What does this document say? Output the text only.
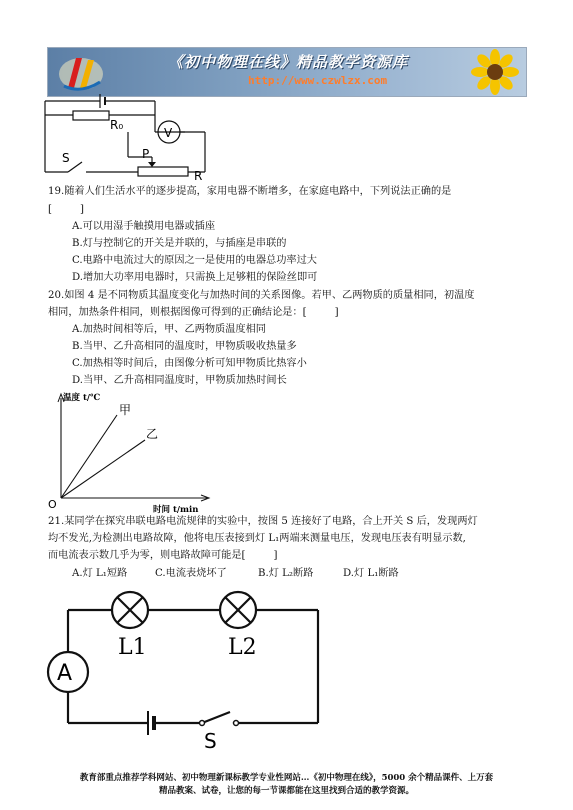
《初中物理在线》精品教学资源库
http://www.czwlzx.com
R₀
V
S	P
R
19.随着人们生活水平的逐步提高，家用电器不断增多，在家庭电路中，下列说法正确的是
[	]
A.可以用湿手触摸用电器或插座
B.灯与控制它的开关是并联的，与插座是串联的
C.电路中电流过大的原因之一是使用的电器总功率过大
D.增加大功率用电器时，只需换上足够粗的保险丝即可
20.如图 4 是不同物质其温度变化与加热时间的关系图像。若甲、乙两物质的质量相同，初温度
相同，加热条件相同，则根据图像可得到的正确结论是：[	]
A.加热时间相等后，甲、乙两物质温度相同
B.当甲、乙升高相同的温度时，甲物质吸收热量多
C.加热相等时间后，由图像分析可知甲物质比热容小
D.当甲、乙升高相同温度时，甲物质加热时间长
温度 t/℃
时间 t/min
O
甲
乙
21.某同学在探究串联电路电流规律的实验中，按图 5 连接好了电路，合上开关 S 后，发现两灯
均不发光,为检测出电路故障，他将电压表接到灯 L₁两端来测量电压，发现电压表有明显示数,
而电流表示数几乎为零，则电路故障可能是[	]
A.灯 L₁短路	C.电流表烧坏了	B.灯 L₂断路	D.灯 L₁断路
L1	L2
A
S
教育部重点推荐学科网站、初中物理新课标教学专业性网站…《初中物理在线》，5000 余个精品课件、上万套
精品教案、试卷，让您的每一节课都能在这里找到合适的教学资源。
